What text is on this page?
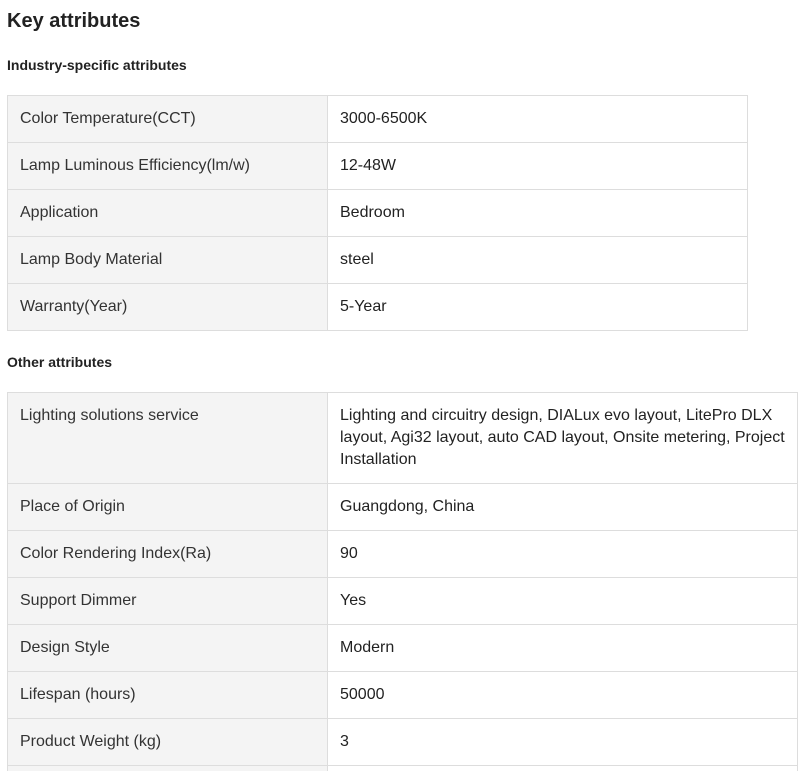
Key attributes
Industry-specific attributes
Color Temperature(CCT)	3000-6500K
Lamp Luminous Efficiency(lm/w)	12-48W
Application	Bedroom
Lamp Body Material	steel
Warranty(Year)	5-Year
Other attributes
Lighting solutions service	Lighting and circuitry design, DIALux evo layout, LitePro DLX layout, Agi32 layout, auto CAD layout, Onsite metering, Project Installation
Place of Origin	Guangdong, China
Color Rendering Index(Ra)	90
Support Dimmer	Yes
Design Style	Modern
Lifespan (hours)	50000
Product Weight (kg)	3
